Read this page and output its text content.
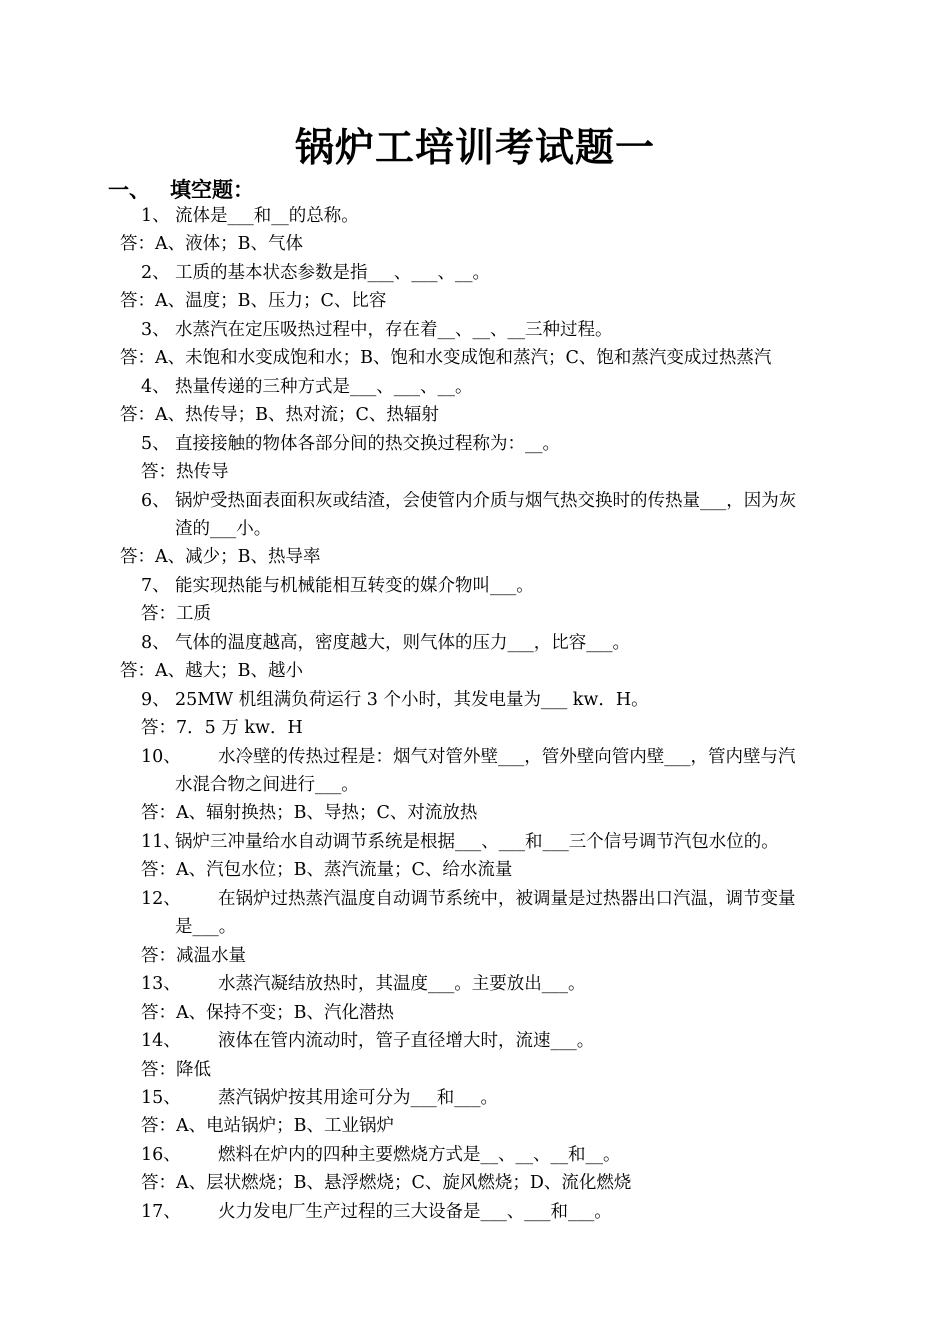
锅炉工培训考试题一
一、 填空题：
1、 流体是___和__的总称。
答：A、液体；B、气体
2、 工质的基本状态参数是指___、___、__。
答：A、温度；B、压力；C、比容
3、 水蒸汽在定压吸热过程中，存在着__、__、__三种过程。
答：A、未饱和水变成饱和水；B、饱和水变成饱和蒸汽；C、饱和蒸汽变成过热蒸汽
4、 热量传递的三种方式是___、___、__。
答：A、热传导；B、热对流；C、热辐射
5、 直接接触的物体各部分间的热交换过程称为：__。
答：热传导
6、 锅炉受热面表面积灰或结渣，会使管内介质与烟气热交换时的传热量___，因为灰
渣的___小。
答：A、减少；B、热导率
7、 能实现热能与机械能相互转变的媒介物叫___。
答：工质
8、 气体的温度越高，密度越大，则气体的压力___，比容___。
答：A、越大；B、越小
9、 25MW 机组满负荷运行 3 个小时，其发电量为___ kw．H。
答：7．5 万 kw．H
10、 水冷壁的传热过程是：烟气对管外壁___，管外壁向管内壁___，管内壁与汽
水混合物之间进行___。
答：A、辐射换热；B、导热；C、对流放热
11、锅炉三冲量给水自动调节系统是根据___、___和___三个信号调节汽包水位的。
答：A、汽包水位；B、蒸汽流量；C、给水流量
12、 在锅炉过热蒸汽温度自动调节系统中，被调量是过热器出口汽温，调节变量
是___。
答：减温水量
13、 水蒸汽凝结放热时，其温度___。主要放出___。
答：A、保持不变；B、汽化潜热
14、 液体在管内流动时，管子直径增大时，流速___。
答：降低
15、 蒸汽锅炉按其用途可分为___和___。
答：A、电站锅炉；B、工业锅炉
16、 燃料在炉内的四种主要燃烧方式是__、__、__和__。
答：A、层状燃烧；B、悬浮燃烧；C、旋风燃烧；D、流化燃烧
17、 火力发电厂生产过程的三大设备是___、___和___。
